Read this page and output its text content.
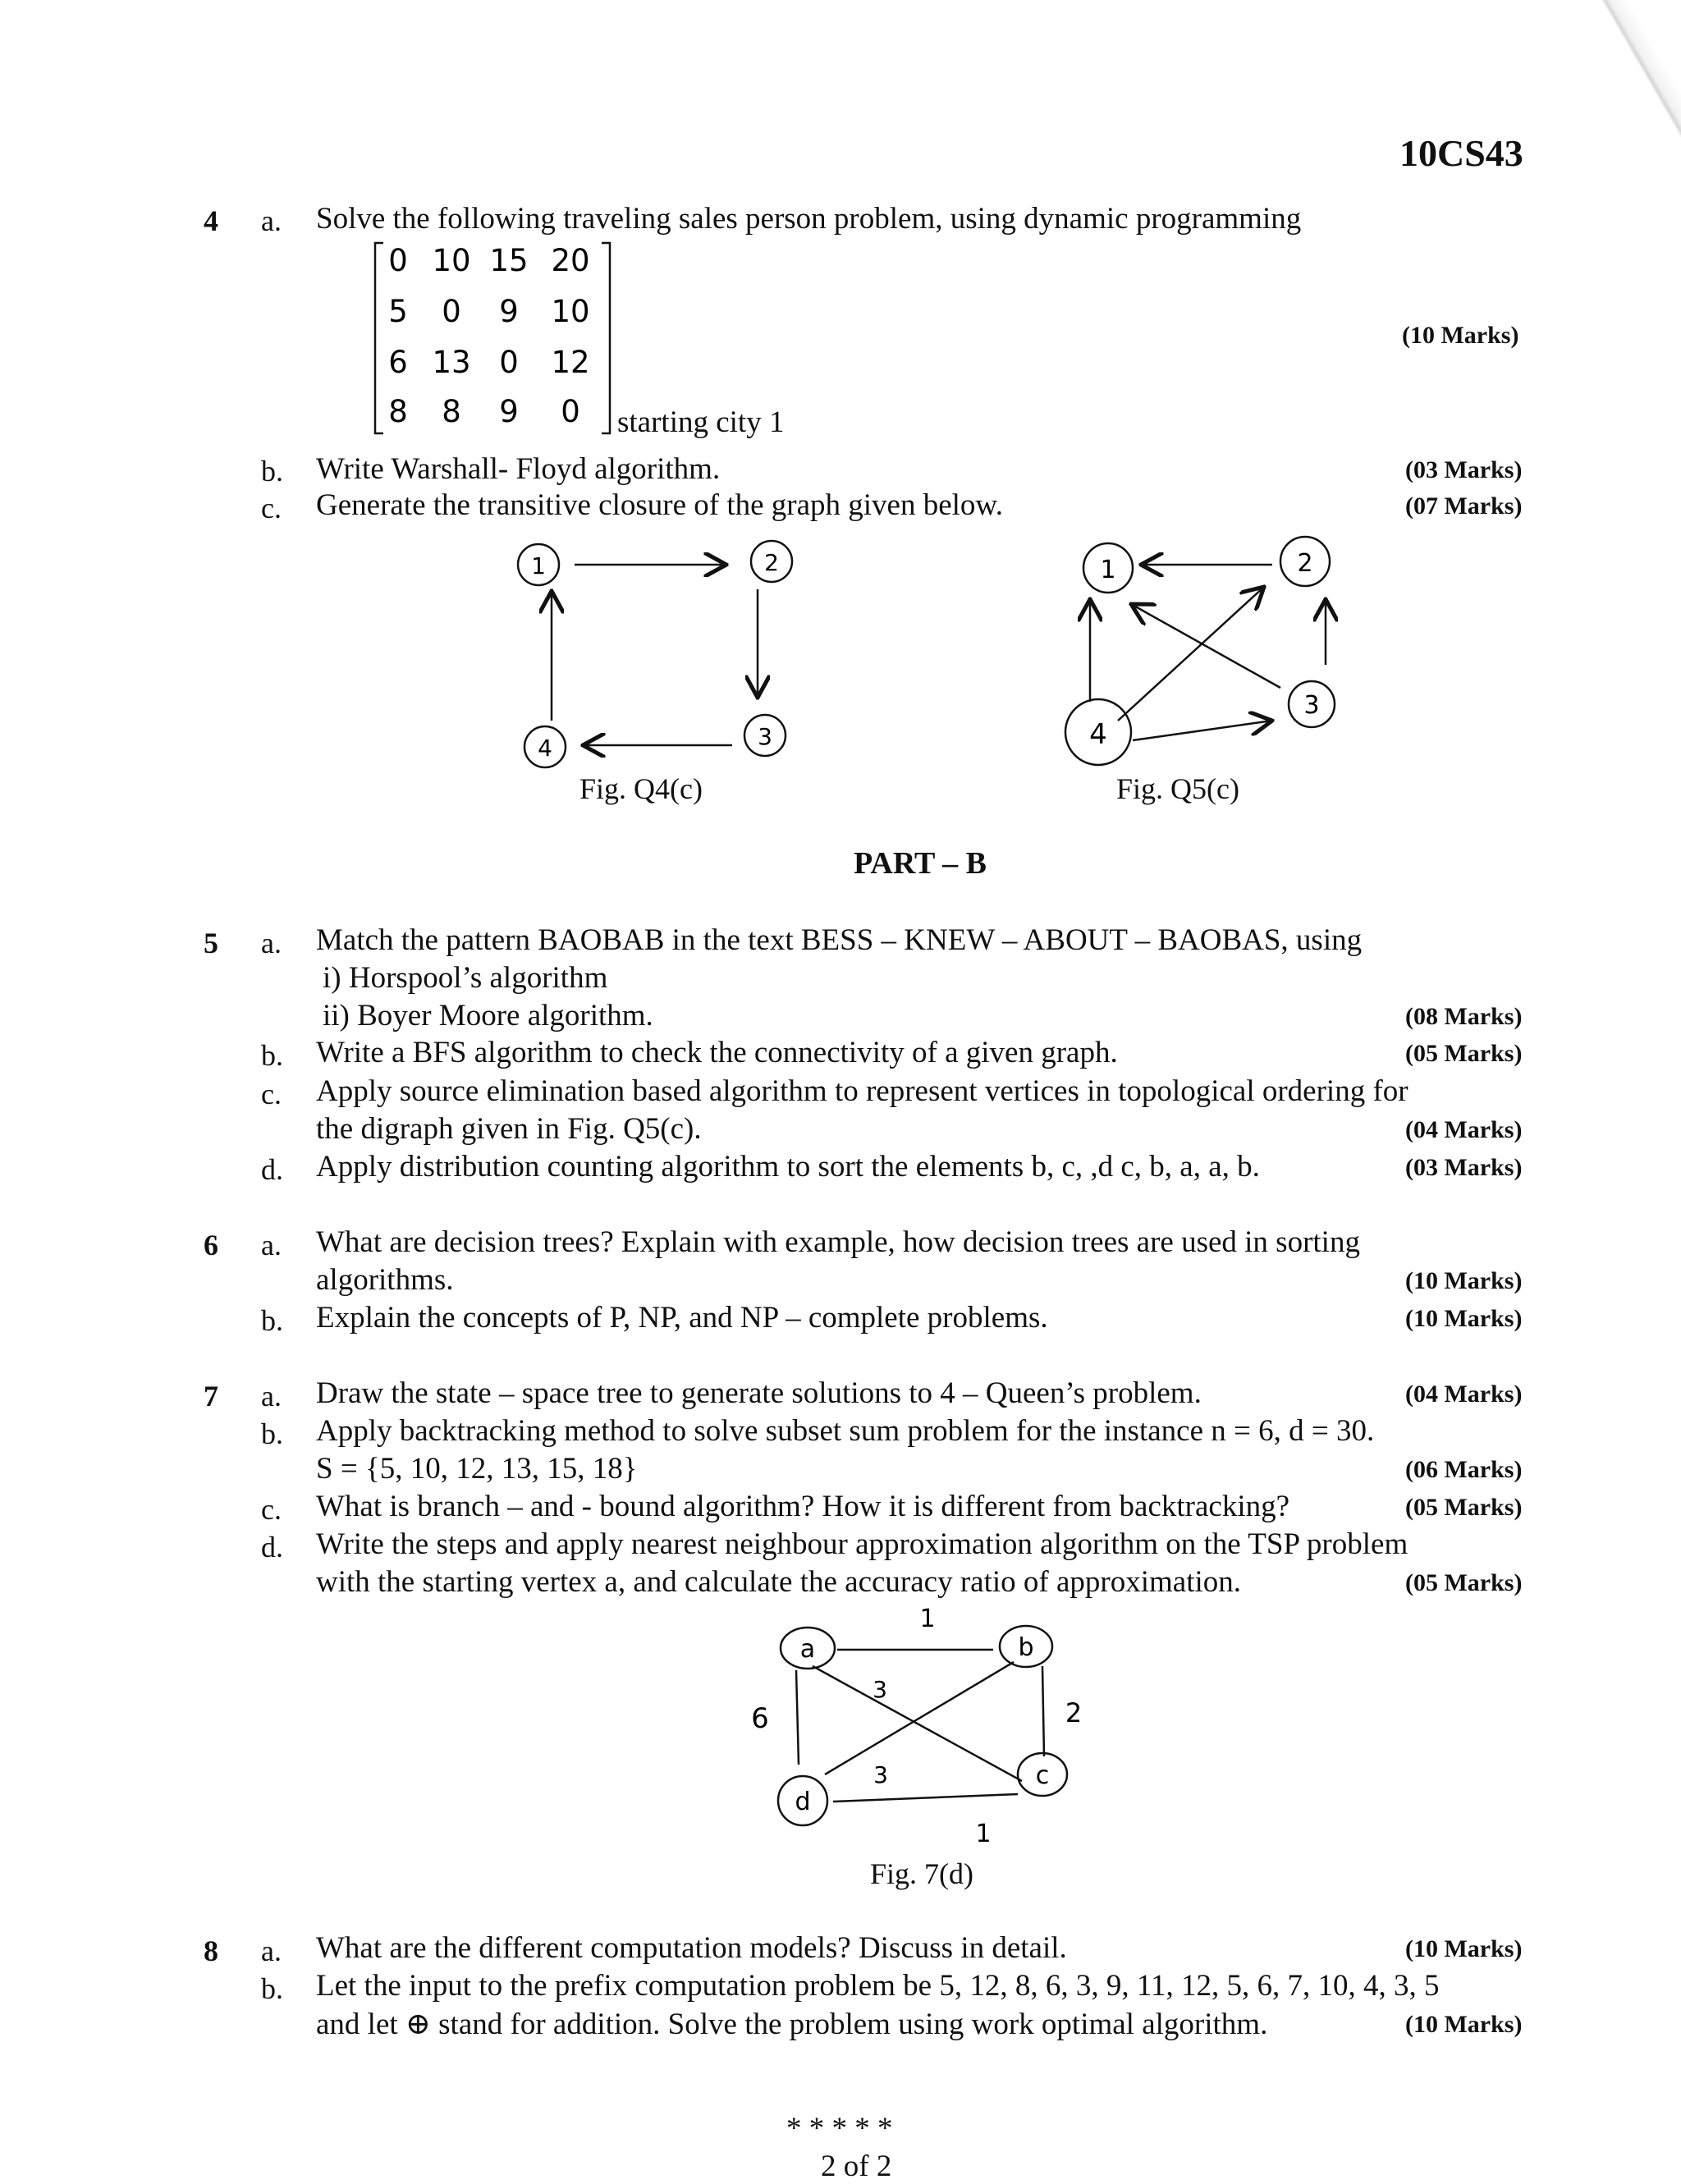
10CS43
4 a. Solve the following traveling sales person problem, using dynamic programming
0 10 15 20
5 0 9 10
6 13 0 12
8 8 9 0 starting city 1
(10 Marks)
b. Write Warshall- Floyd algorithm.	(03 Marks)
c. Generate the transitive closure of the graph given below.	(07 Marks)
1	2
3
4
Fig. Q4(c)
1	2
3
4
Fig. Q5(c)
PART – B
5 a. Match the pattern BAOBAB in the text BESS – KNEW – ABOUT – BAOBAS, using
i) Horspool’s algorithm
ii) Boyer Moore algorithm.	(08 Marks)
b. Write a BFS algorithm to check the connectivity of a given graph.	(05 Marks)
c. Apply source elimination based algorithm to represent vertices in topological ordering for
the digraph given in Fig. Q5(c).	(04 Marks)
d. Apply distribution counting algorithm to sort the elements b, c, ,d c, b, a, a, b.	(03 Marks)
6 a. What are decision trees? Explain with example, how decision trees are used in sorting
algorithms.	(10 Marks)
b. Explain the concepts of P, NP, and NP – complete problems.	(10 Marks)
7 a. Draw the state – space tree to generate solutions to 4 – Queen’s problem.	(04 Marks)
b. Apply backtracking method to solve subset sum problem for the instance n = 6, d = 30.
S = {5, 10, 12, 13, 15, 18}	(06 Marks)
c. What is branch – and - bound algorithm? How it is different from backtracking?	(05 Marks)
d. Write the steps and apply nearest neighbour approximation algorithm on the TSP problem
with the starting vertex a, and calculate the accuracy ratio of approximation.	(05 Marks)
a	b
c
d
1
2
1
6
3
3
Fig. 7(d)
8 a. What are the different computation models? Discuss in detail.	(10 Marks)
b. Let the input to the prefix computation problem be 5, 12, 8, 6, 3, 9, 11, 12, 5, 6, 7, 10, 4, 3, 5
and let ⊕ stand for addition. Solve the problem using work optimal algorithm.	(10 Marks)
* * * * *
2 of 2
